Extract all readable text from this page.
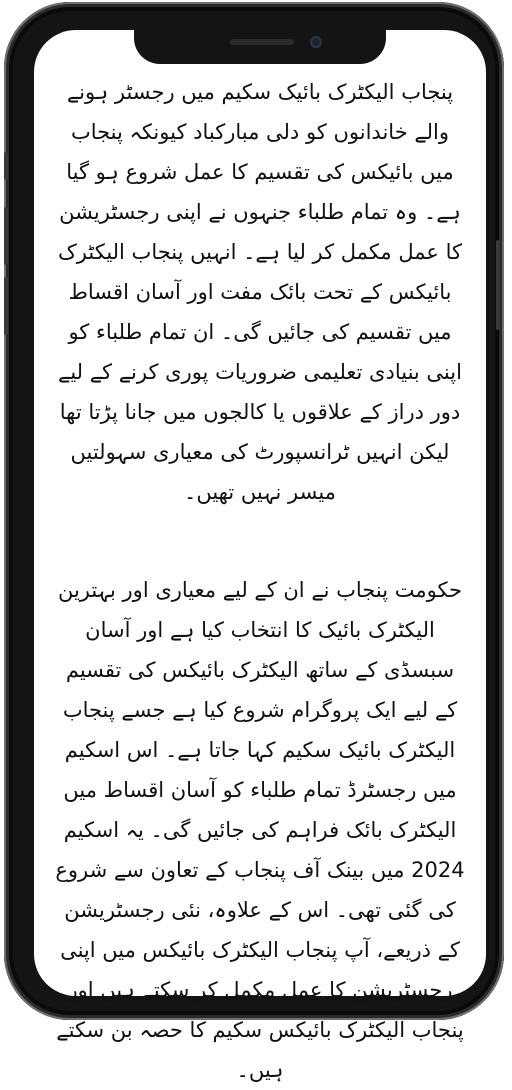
پنجاب الیکٹرک بائیک سکیم میں رجسٹر ہونے والے خاندانوں کو دلی مبارکباد کیونکہ پنجاب میں بائیکس کی تقسیم کا عمل شروع ہو گیا ہے۔ وہ تمام طلباء جنہوں نے اپنی رجسٹریشن کا عمل مکمل کر لیا ہے۔ انہیں پنجاب الیکٹرک بائیکس کے تحت بائک مفت اور آسان اقساط میں تقسیم کی جائیں گی۔ ان تمام طلباء کو اپنی بنیادی تعلیمی ضروریات پوری کرنے کے لیے دور دراز کے علاقوں یا کالجوں میں جانا پڑتا تھا لیکن انہیں ٹرانسپورٹ کی معیاری سہولتیں میسر نہیں تھیں۔

حکومت پنجاب نے ان کے لیے معیاری اور بہترین الیکٹرک بائیک کا انتخاب کیا ہے اور آسان سبسڈی کے ساتھ الیکٹرک بائیکس کی تقسیم کے لیے ایک پروگرام شروع کیا ہے جسے پنجاب الیکٹرک بائیک سکیم کہا جاتا ہے۔ اس اسکیم میں رجسٹرڈ تمام طلباء کو آسان اقساط میں الیکٹرک بائک فراہم کی جائیں گی۔ یہ اسکیم 2024 میں بینک آف پنجاب کے تعاون سے شروع کی گئی تھی۔ اس کے علاوہ، نئی رجسٹریشن کے ذریعے، آپ پنجاب الیکٹرک بائیکس میں اپنی رجسٹریشن کا عمل مکمل کر سکتے ہیں اور پنجاب الیکٹرک بائیکس سکیم کا حصہ بن سکتے ہیں۔
